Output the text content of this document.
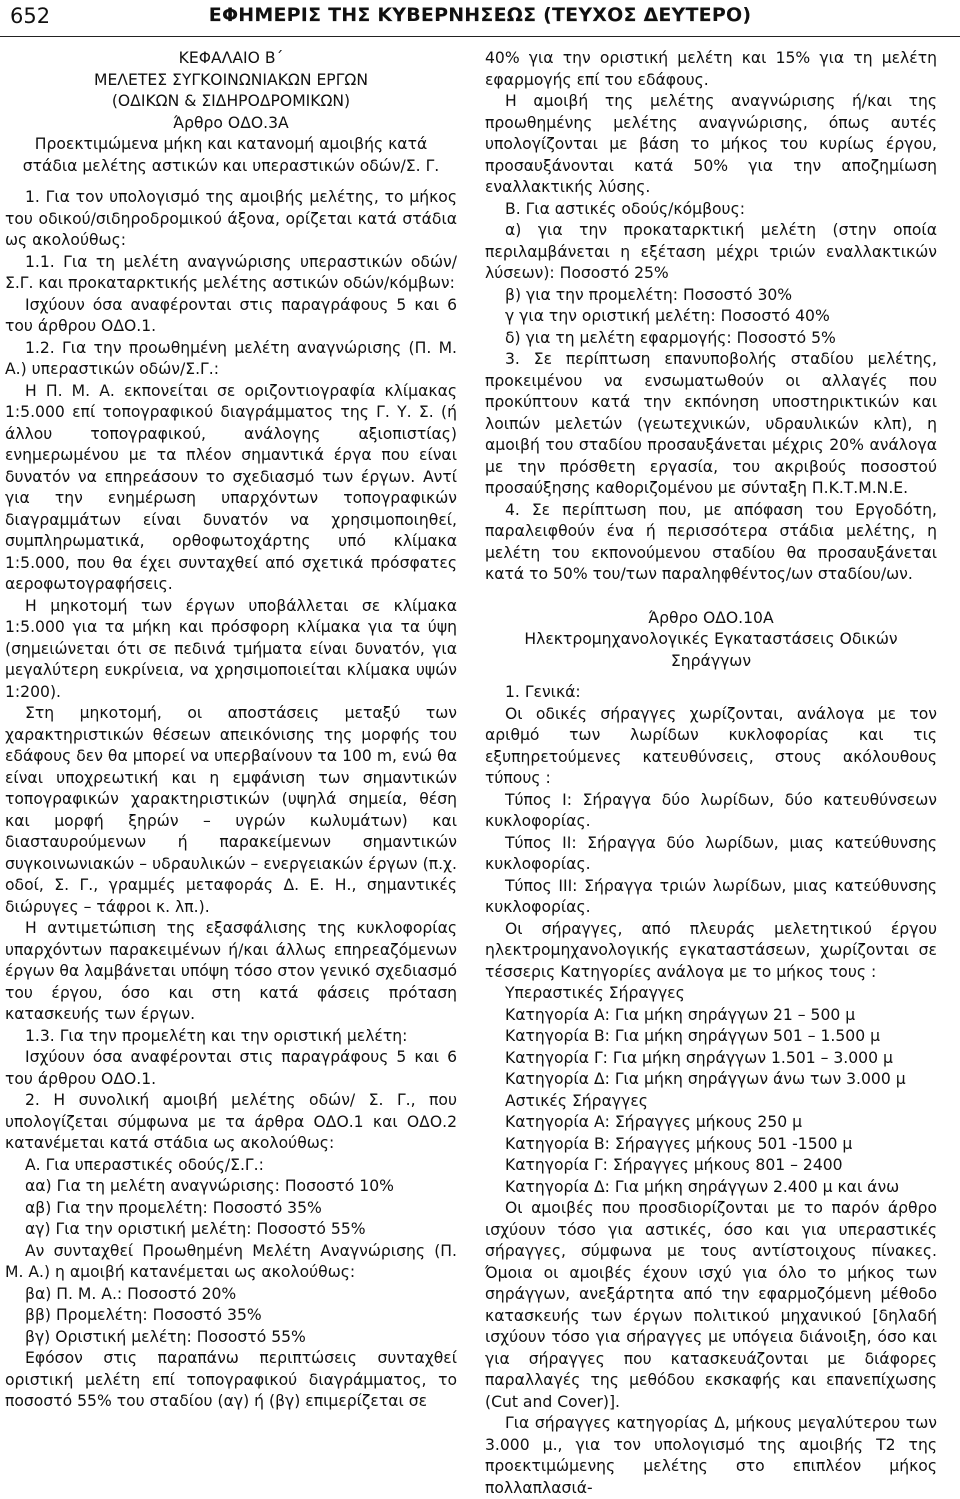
652	ΕΦΗΜΕΡΙΣ ΤΗΣ ΚΥΒΕΡΝΗΣΕΩΣ (ΤΕΥΧΟΣ ΔΕΥΤΕΡΟ)

ΚΕΦΑΛΑΙΟ Β΄

ΜΕΛΕΤΕΣ ΣΥΓΚΟΙΝΩΝΙΑΚΩΝ ΕΡΓΩΝ

(ΟΔΙΚΩΝ & ΣΙΔΗΡΟΔΡΟΜΙΚΩΝ)

Άρθρο ΟΔΟ.3Α

Προεκτιμώμενα μήκη και κατανομή αμοιβής κατά στάδια μελέτης αστικών και υπεραστικών οδών/Σ. Γ.

1. Για τον υπολογισμό της αμοιβής μελέτης, το μήκος του οδικού/σιδηροδρομικού άξονα, ορίζεται κατά στάδια ως ακολούθως:

1.1. Για τη μελέτη αναγνώρισης υπεραστικών οδών/Σ.Γ. και προκαταρκτικής μελέτης αστικών οδών/κόμβων:

Ισχύουν όσα αναφέρονται στις παραγράφους 5 και 6 του άρθρου ΟΔΟ.1.

1.2. Για την προωθημένη μελέτη αναγνώρισης (Π. Μ. Α.) υπεραστικών οδών/Σ.Γ.:

Η Π. Μ. Α. εκπονείται σε οριζοντιογραφία κλίμακας 1:5.000 επί τοπογραφικού διαγράμματος της Γ. Υ. Σ. (ή άλλου τοπογραφικού, ανάλογης αξιοπιστίας) ενημερωμένου με τα πλέον σημαντικά έργα που είναι δυνατόν να επηρεάσουν το σχεδιασμό των έργων. Αντί για την ενημέρωση υπαρχόντων τοπογραφικών διαγραμμάτων είναι δυνατόν να χρησιμοποιηθεί, συμπληρωματικά, ορθοφωτοχάρτης υπό κλίμακα 1:5.000, που θα έχει συνταχθεί από σχετικά πρόσφατες αεροφωτογραφήσεις.

Η μηκοτομή των έργων υποβάλλεται σε κλίμακα 1:5.000 για τα μήκη και πρόσφορη κλίμακα για τα ύψη (σημειώνεται ότι σε πεδινά τμήματα είναι δυνατόν, για μεγαλύτερη ευκρίνεια, να χρησιμοποιείται κλίμακα υψών 1:200).

Στη μηκοτομή, οι αποστάσεις μεταξύ των χαρακτηριστικών θέσεων απεικόνισης της μορφής του εδάφους δεν θα μπορεί να υπερβαίνουν τα 100 m, ενώ θα είναι υποχρεωτική και η εμφάνιση των σημαντικών τοπογραφικών χαρακτηριστικών (υψηλά σημεία, θέση και μορφή ξηρών – υγρών κωλυμάτων) και διασταυρούμενων ή παρακείμενων σημαντικών συγκοινωνιακών – υδραυλικών – ενεργειακών έργων (π.χ. οδοί, Σ. Γ., γραμμές μεταφοράς Δ. Ε. Η., σημαντικές διώρυγες – τάφροι κ. λπ.).

Η αντιμετώπιση της εξασφάλισης της κυκλοφορίας υπαρχόντων παρακειμένων ή/και άλλως επηρεαζόμενων έργων θα λαμβάνεται υπόψη τόσο στον γενικό σχεδιασμό του έργου, όσο και στη κατά φάσεις πρόταση κατασκευής των έργων.

1.3. Για την προμελέτη και την οριστική μελέτη:

Ισχύουν όσα αναφέρονται στις παραγράφους 5 και 6 του άρθρου ΟΔΟ.1.

2. Η συνολική αμοιβή μελέτης οδών/ Σ. Γ., που υπολογίζεται σύμφωνα με τα άρθρα ΟΔΟ.1 και ΟΔΟ.2 κατανέμεται κατά στάδια ως ακολούθως:

Α. Για υπεραστικές οδούς/Σ.Γ.:

αα) Για τη μελέτη αναγνώρισης: Ποσοστό 10%

αβ) Για την προμελέτη: Ποσοστό 35%

αγ) Για την οριστική μελέτη: Ποσοστό 55%

Αν συνταχθεί Προωθημένη Μελέτη Αναγνώρισης (Π. Μ. Α.) η αμοιβή κατανέμεται ως ακολούθως:

βα) Π. Μ. Α.: Ποσοστό 20%

ββ) Προμελέτη: Ποσοστό 35%

βγ) Οριστική μελέτη: Ποσοστό 55%

Εφόσον στις παραπάνω περιπτώσεις συνταχθεί οριστική μελέτη επί τοπογραφικού διαγράμματος, το ποσοστό 55% του σταδίου (αγ) ή (βγ) επιμερίζεται σε

40% για την οριστική μελέτη και 15% για τη μελέτη εφαρμογής επί του εδάφους.

Η αμοιβή της μελέτης αναγνώρισης ή/και της προωθημένης μελέτης αναγνώρισης, όπως αυτές υπολογίζονται με βάση το μήκος του κυρίως έργου, προσαυξάνονται κατά 50% για την αποζημίωση εναλλακτικής λύσης.

Β. Για αστικές οδούς/κόμβους:

α) για την προκαταρκτική μελέτη (στην οποία περιλαμβάνεται η εξέταση μέχρι τριών εναλλακτικών λύσεων): Ποσοστό 25%

β) για την προμελέτη: Ποσοστό 30%

γ για την οριστική μελέτη: Ποσοστό 40%

δ) για τη μελέτη εφαρμογής: Ποσοστό 5%

3. Σε περίπτωση επανυποβολής σταδίου μελέτης, προκειμένου να ενσωματωθούν οι αλλαγές που προκύπτουν κατά την εκπόνηση υποστηρικτικών και λοιπών μελετών (γεωτεχνικών, υδραυλικών κλπ), η αμοιβή του σταδίου προσαυξάνεται μέχρις 20% ανάλογα με την πρόσθετη εργασία, του ακριβούς ποσοστού προσαύξησης καθοριζομένου με σύνταξη Π.Κ.Τ.Μ.Ν.Ε.

4. Σε περίπτωση που, με απόφαση του Εργοδότη, παραλειφθούν ένα ή περισσότερα στάδια μελέτης, η μελέτη του εκπονούμενου σταδίου θα προσαυξάνεται κατά το 50% του/των παραληφθέντος/ων σταδίου/ων.

Άρθρο ΟΔΟ.10Α

Ηλεκτρομηχανολογικές Εγκαταστάσεις Οδικών Σηράγγων

1. Γενικά:

Οι οδικές σήραγγες χωρίζονται, ανάλογα με τον αριθμό των λωρίδων κυκλοφορίας και τις εξυπηρετούμενες κατευθύνσεις, στους ακόλουθους τύπους :

Τύπος Ι: Σήραγγα δύο λωρίδων, δύο κατευθύνσεων κυκλοφορίας.

Τύπος ΙΙ: Σήραγγα δύο λωρίδων, μιας κατεύθυνσης κυκλοφορίας.

Τύπος ΙΙΙ: Σήραγγα τριών λωρίδων, μιας κατεύθυνσης κυκλοφορίας.

Οι σήραγγες, από πλευράς μελετητικού έργου ηλεκτρομηχανολογικής εγκαταστάσεων, χωρίζονται σε τέσσερις Κατηγορίες ανάλογα με το μήκος τους :

Υπεραστικές Σήραγγες

Κατηγορία Α: Για μήκη σηράγγων 21 – 500 μ

Κατηγορία Β: Για μήκη σηράγγων 501 – 1.500 μ

Κατηγορία Γ: Για μήκη σηράγγων 1.501 – 3.000 μ

Κατηγορία Δ: Για μήκη σηράγγων άνω των 3.000 μ

Αστικές Σήραγγες

Κατηγορία Α: Σήραγγες μήκους 250 μ

Κατηγορία Β: Σήραγγες μήκους 501 -1500 μ

Κατηγορία Γ: Σήραγγες μήκους 801 – 2400

Κατηγορία Δ: Για μήκη σηράγγων 2.400 μ και άνω

Οι αμοιβές που προσδιορίζονται με το παρόν άρθρο ισχύουν τόσο για αστικές, όσο και για υπεραστικές σήραγγες, σύμφωνα με τους αντίστοιχους πίνακες. Όμοια οι αμοιβές έχουν ισχύ για όλο το μήκος των σηράγγων, ανεξάρτητα από την εφαρμοζόμενη μέθοδο κατασκευής των έργων πολιτικού μηχανικού [δηλαδή ισχύουν τόσο για σήραγγες με υπόγεια διάνοιξη, όσο και για σήραγγες που κατασκευάζονται με διάφορες παραλλαγές της μεθόδου εκσκαφής και επανεπίχωσης (Cut and Cover)].

Για σήραγγες κατηγορίας Δ, μήκους μεγαλύτερου των 3.000 μ., για τον υπολογισμό της αμοιβής Τ2 της προεκτιμώμενης μελέτης στο επιπλέον μήκος πολλαπλασιά-
